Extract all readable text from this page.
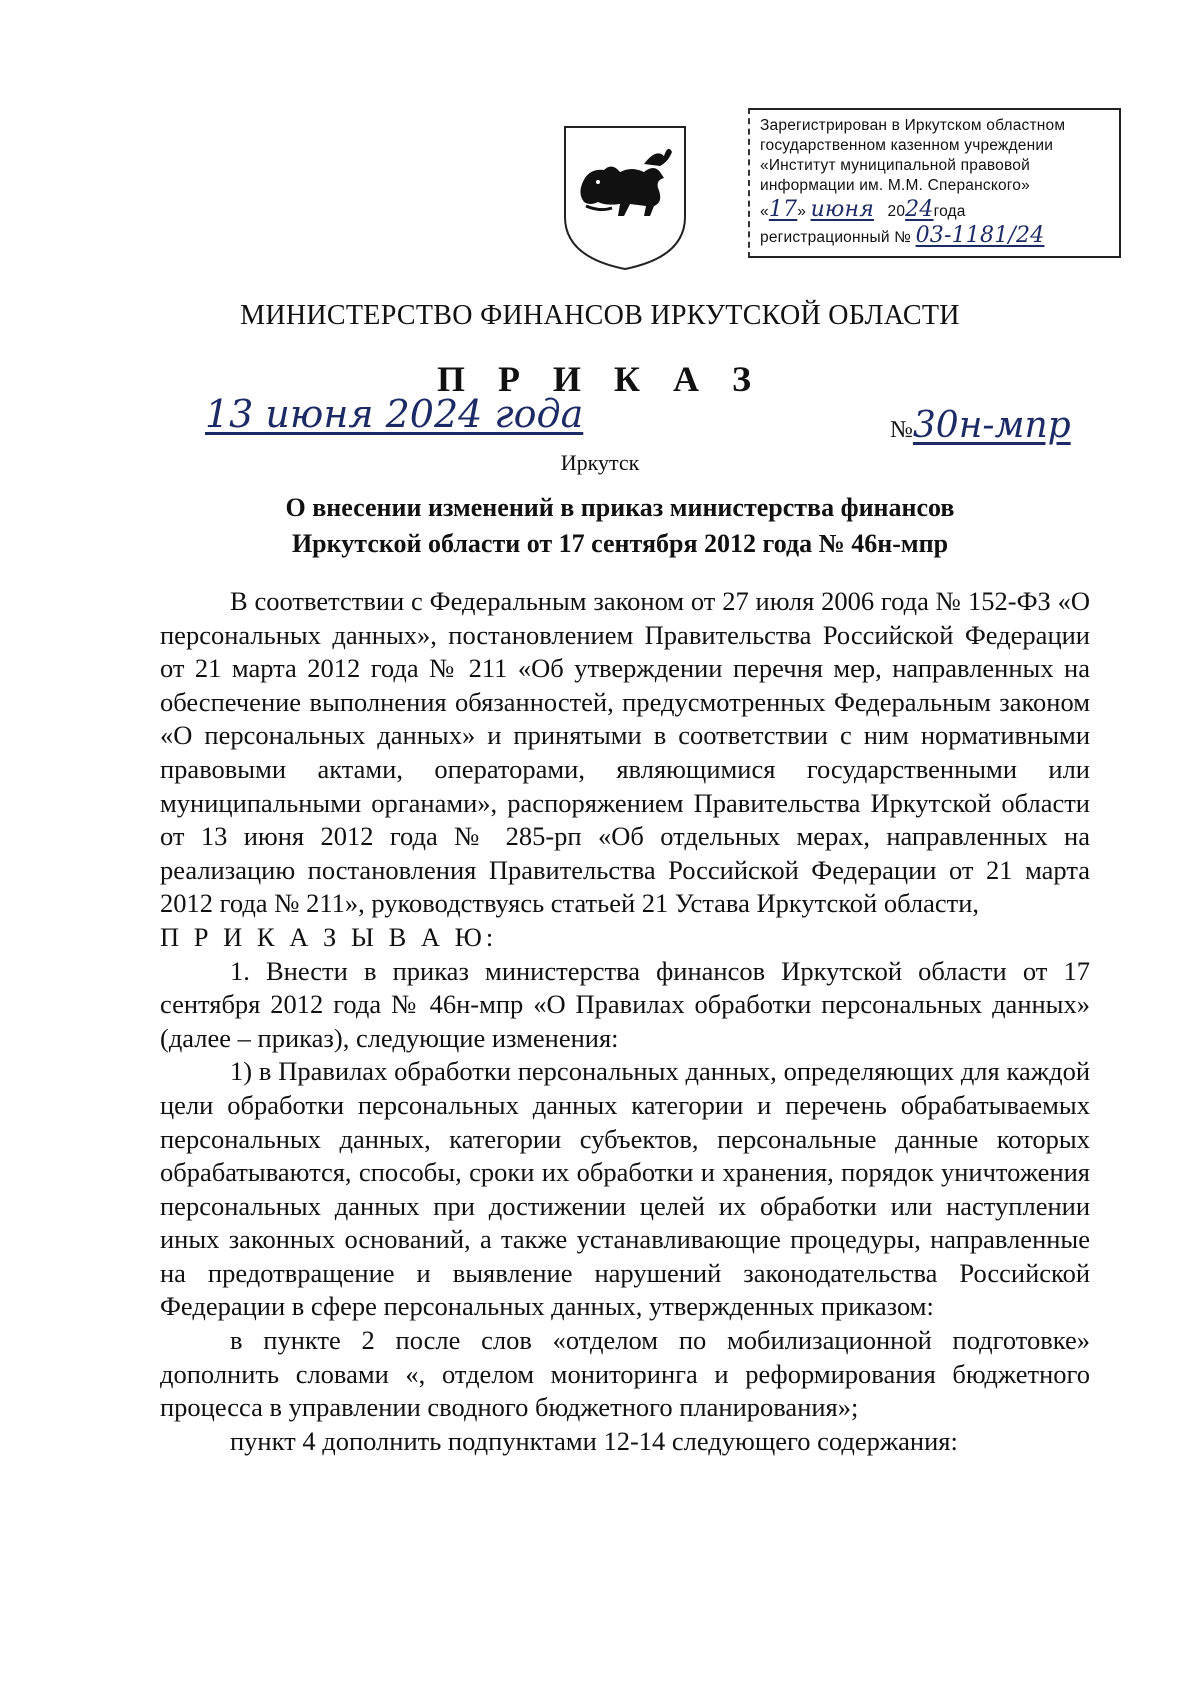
Зарегистрирован в Иркутском областном
государственном казенном учреждении
«Институт муниципальной правовой
информации им. М.М. Сперанского»
«17» июня 2024года
регистрационный № 03-1181/24
МИНИСТЕРСТВО ФИНАНСОВ ИРКУТСКОЙ ОБЛАСТИ
П Р И К А З
13 июня 2024 года	№30н-мпр
Иркутск
О внесении изменений в приказ министерства финансов
Иркутской области от 17 сентября 2012 года № 46н-мпр

В соответствии с Федеральным законом от 27 июля 2006 года № 152-ФЗ «О персональных данных», постановлением Правительства Российской Федерации от 21 марта 2012 года № 211 «Об утверждении перечня мер, направленных на обеспечение выполнения обязанностей, предусмотренных Федеральным законом «О персональных данных» и принятыми в соответствии с ним нормативными правовыми актами, операторами, являющимися государственными или муниципальными органами», распоряжением Правительства Иркутской области от 13 июня 2012 года № 285-рп «Об отдельных мерах, направленных на реализацию постановления Правительства Российской Федерации от 21 марта 2012 года № 211», руководствуясь статьей 21 Устава Иркутской области,

П Р И К А З Ы В А Ю:

1. Внести в приказ министерства финансов Иркутской области от 17 сентября 2012 года № 46н-мпр «О Правилах обработки персональных данных» (далее – приказ), следующие изменения:

1) в Правилах обработки персональных данных, определяющих для каждой цели обработки персональных данных категории и перечень обрабатываемых персональных данных, категории субъектов, персональные данные которых обрабатываются, способы, сроки их обработки и хранения, порядок уничтожения персональных данных при достижении целей их обработки или наступлении иных законных оснований, а также устанавливающие процедуры, направленные на предотвращение и выявление нарушений законодательства Российской Федерации в сфере персональных данных, утвержденных приказом:

в пункте 2 после слов «отделом по мобилизационной подготовке» дополнить словами «, отделом мониторинга и реформирования бюджетного процесса в управлении сводного бюджетного планирования»;

пункт 4 дополнить подпунктами 12-14 следующего содержания:
